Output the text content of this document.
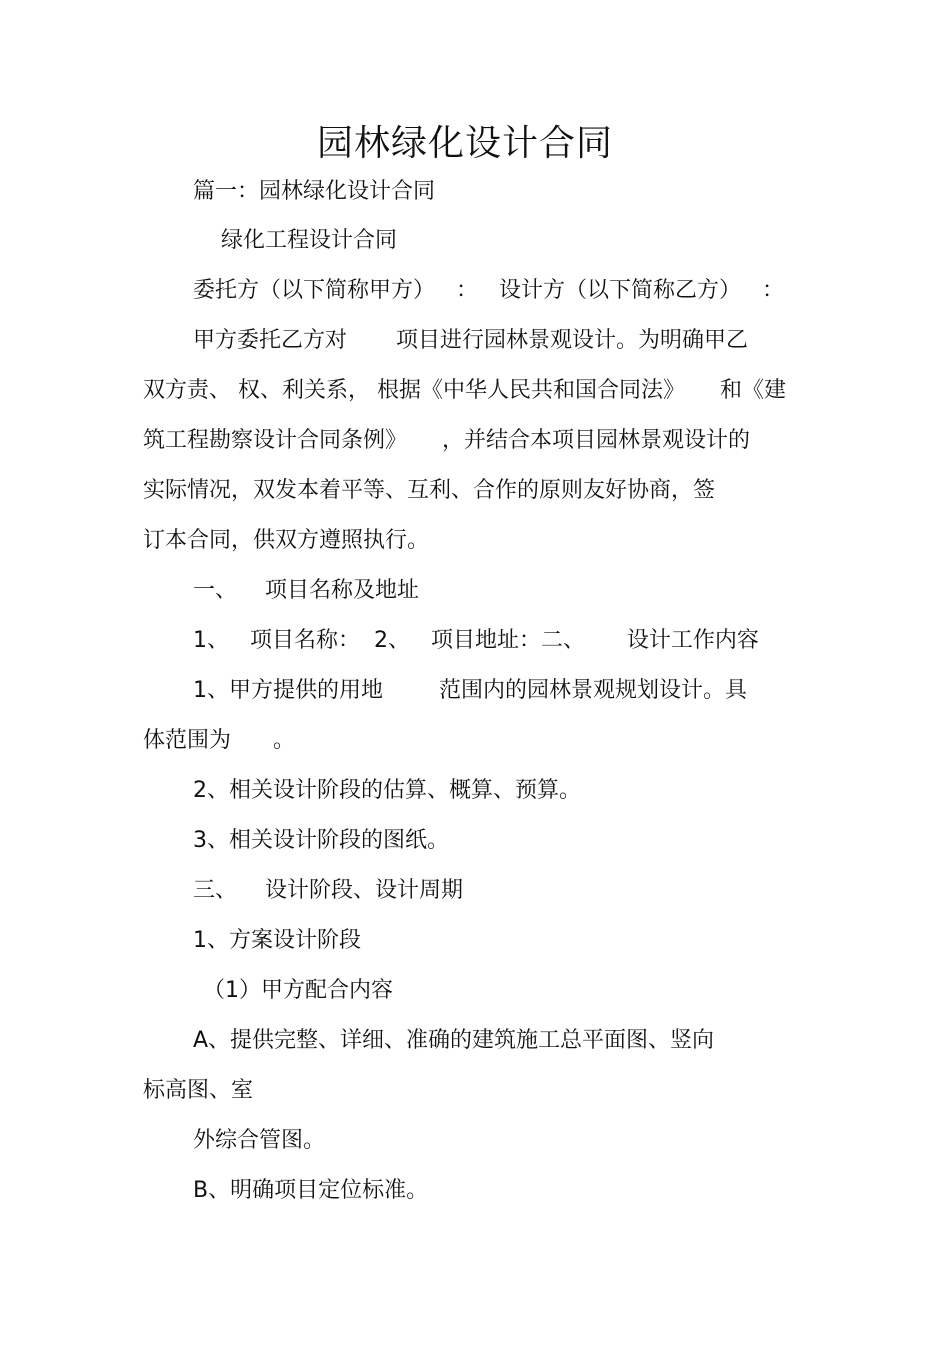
园林绿化设计合同

篇一：园林绿化设计合同

绿化工程设计合同

委托方（以下简称甲方）   ：   设计方（以下简称乙方）   ：

甲方委托乙方对       项目进行园林景观设计。为明确甲乙

双方责、 权、利关系， 根据《中华人民共和国合同法》     和《建

筑工程勘察设计合同条例》     ，并结合本项目园林景观设计的

实际情况，双发本着平等、互利、合作的原则友好协商，签

订本合同，供双方遵照执行。

一、    项目名称及地址

1、   项目名称：  2、   项目地址：二、      设计工作内容

1、甲方提供的用地        范围内的园林景观规划设计。具

体范围为      。

2、相关设计阶段的估算、概算、预算。

3、相关设计阶段的图纸。

三、    设计阶段、设计周期

1、方案设计阶段

（1）甲方配合内容

A、提供完整、详细、准确的建筑施工总平面图、竖向

标高图、室

外综合管图。

B、明确项目定位标准。
